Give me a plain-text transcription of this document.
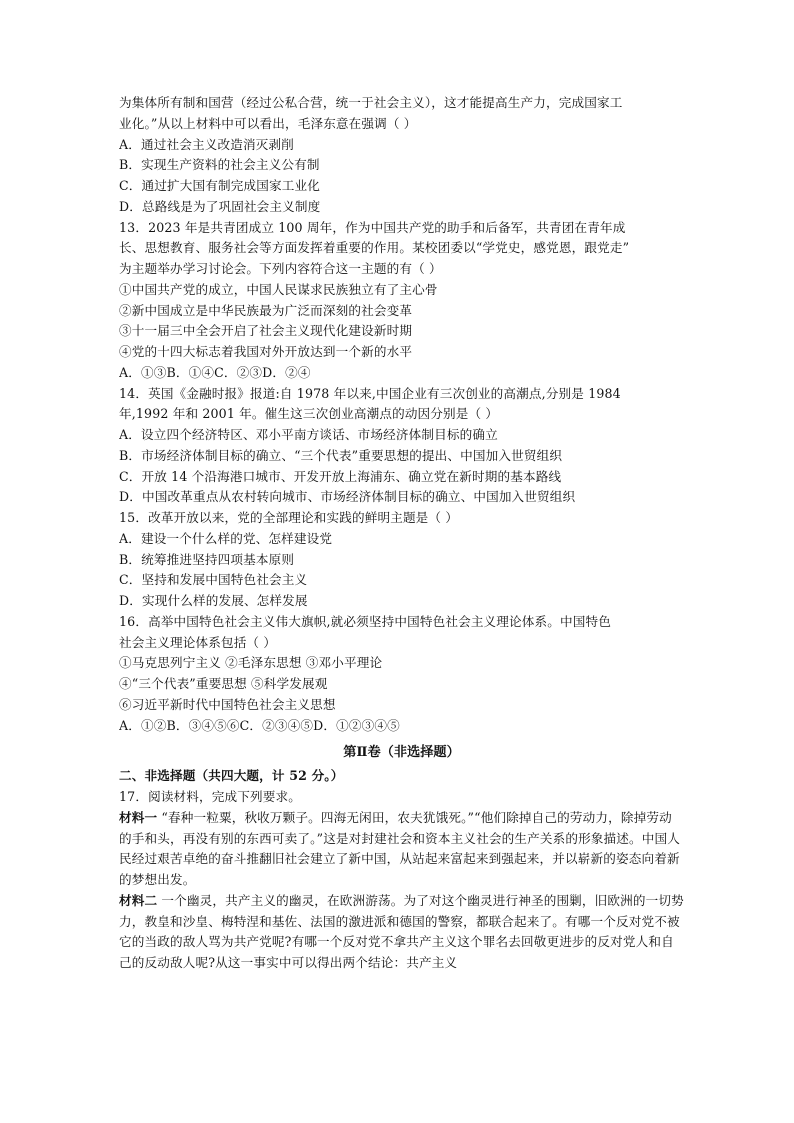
为集体所有制和国营（经过公私合营，统一于社会主义），这才能提高生产力，完成国家工
业化。”从以上材料中可以看出，毛泽东意在强调（ ）
A．通过社会主义改造消灭剥削
B．实现生产资料的社会主义公有制
C．通过扩大国有制完成国家工业化
D．总路线是为了巩固社会主义制度
13．2023 年是共青团成立 100 周年，作为中国共产党的助手和后备军，共青团在青年成
长、思想教育、服务社会等方面发挥着重要的作用。某校团委以“学党史，感党恩，跟党走”
为主题举办学习讨论会。下列内容符合这一主题的有（ ）
①中国共产党的成立，中国人民谋求民族独立有了主心骨
②新中国成立是中华民族最为广泛而深刻的社会变革
③十一届三中全会开启了社会主义现代化建设新时期
④党的十四大标志着我国对外开放达到一个新的水平
A．①③B．①④C．②③D．②④
14．英国《金融时报》报道:自 1978 年以来,中国企业有三次创业的高潮点,分别是 1984
年,1992 年和 2001 年。催生这三次创业高潮点的动因分别是（ ）
A．设立四个经济特区、邓小平南方谈话、市场经济体制目标的确立
B．市场经济体制目标的确立、“三个代表”重要思想的提出、中国加入世贸组织
C．开放 14 个沿海港口城市、开发开放上海浦东、确立党在新时期的基本路线
D．中国改革重点从农村转向城市、市场经济体制目标的确立、中国加入世贸组织
15．改革开放以来，党的全部理论和实践的鲜明主题是（ ）
A．建设一个什么样的党、怎样建设党
B．统筹推进坚持四项基本原则
C．坚持和发展中国特色社会主义
D．实现什么样的发展、怎样发展
16．高举中国特色社会主义伟大旗帜,就必须坚持中国特色社会主义理论体系。中国特色
社会主义理论体系包括（ ）
①马克思列宁主义 ②毛泽东思想 ③邓小平理论
④“三个代表”重要思想 ⑤科学发展观
⑥习近平新时代中国特色社会主义思想
A．①②B．③④⑤⑥C．②③④⑤D．①②③④⑤
第Ⅱ卷（非选择题）
二、非选择题（共四大题，计 52 分。）
17．阅读材料，完成下列要求。
材料一 “春种一粒粟，秋收万颗子。四海无闲田，农夫犹饿死。”“他们除掉自己的劳动力，除掉劳动的手和头，再没有别的东西可卖了。”这是对封建社会和资本主义社会的生产关系的形象描述。中国人民经过艰苦卓绝的奋斗推翻旧社会建立了新中国，从站起来富起来到强起来，并以崭新的姿态向着新的梦想出发。
材料二 一个幽灵，共产主义的幽灵，在欧洲游荡。为了对这个幽灵进行神圣的围剿，旧欧洲的一切势力，教皇和沙皇、梅特涅和基佐、法国的激进派和德国的警察，都联合起来了。有哪一个反对党不被它的当政的敌人骂为共产党呢?有哪一个反对党不拿共产主义这个罪名去回敬更进步的反对党人和自己的反动敌人呢?从这一事实中可以得出两个结论：共产主义
